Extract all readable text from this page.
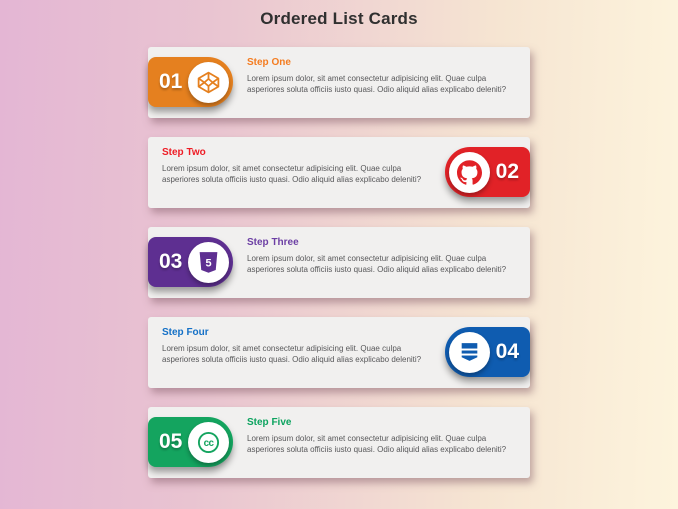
Ordered List Cards
01
Step One

Lorem ipsum dolor, sit amet consectetur adipisicing elit. Quae culpa asperiores soluta officiis iusto quasi. Odio aliquid alias explicabo deleniti?

02
Step Two

Lorem ipsum dolor, sit amet consectetur adipisicing elit. Quae culpa asperiores soluta officiis iusto quasi. Odio aliquid alias explicabo deleniti?

03 5
Step Three

Lorem ipsum dolor, sit amet consectetur adipisicing elit. Quae culpa asperiores soluta officiis iusto quasi. Odio aliquid alias explicabo deleniti?

04
Step Four

Lorem ipsum dolor, sit amet consectetur adipisicing elit. Quae culpa asperiores soluta officiis iusto quasi. Odio aliquid alias explicabo deleniti?

05 cc
Step Five

Lorem ipsum dolor, sit amet consectetur adipisicing elit. Quae culpa asperiores soluta officiis iusto quasi. Odio aliquid alias explicabo deleniti?
